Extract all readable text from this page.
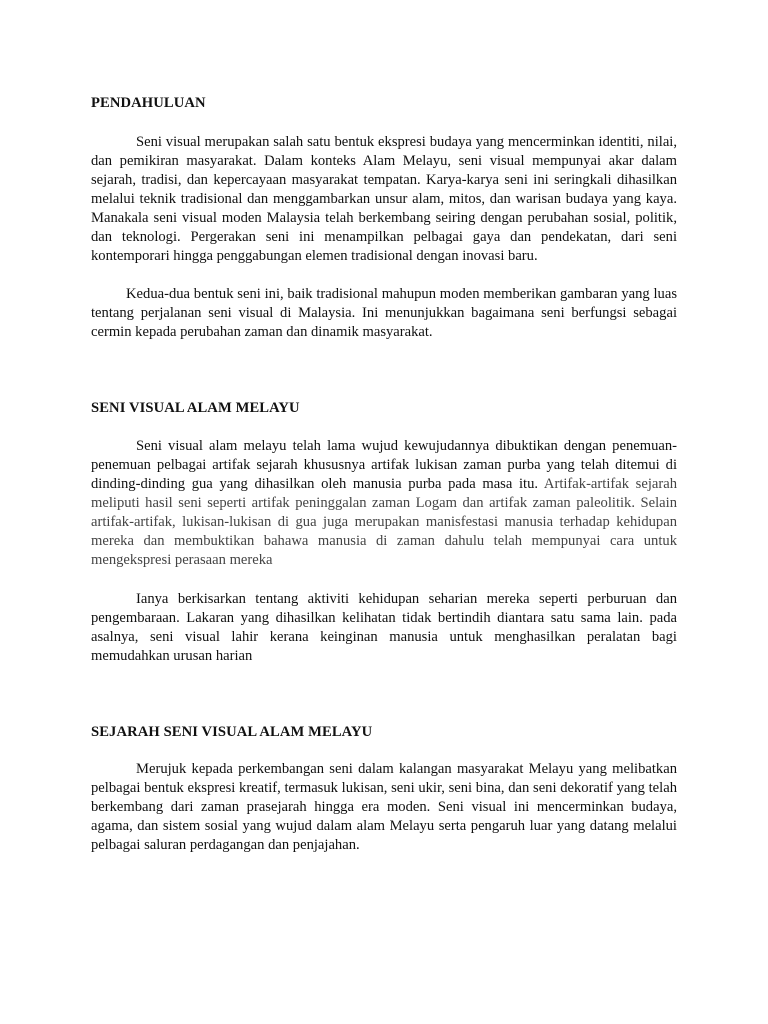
PENDAHULUAN

Seni visual merupakan salah satu bentuk ekspresi budaya yang mencerminkan identiti, nilai, dan pemikiran masyarakat. Dalam konteks Alam Melayu, seni visual mempunyai akar dalam sejarah, tradisi, dan kepercayaan masyarakat tempatan. Karya-karya seni ini seringkali dihasilkan melalui teknik tradisional dan menggambarkan unsur alam, mitos, dan warisan budaya yang kaya. Manakala seni visual moden Malaysia telah berkembang seiring dengan perubahan sosial, politik, dan teknologi. Pergerakan seni ini menampilkan pelbagai gaya dan pendekatan, dari seni kontemporari hingga penggabungan elemen tradisional dengan inovasi baru.

Kedua-dua bentuk seni ini, baik tradisional mahupun moden memberikan gambaran yang luas tentang perjalanan seni visual di Malaysia. Ini menunjukkan bagaimana seni berfungsi sebagai cermin kepada perubahan zaman dan dinamik masyarakat.

SENI VISUAL ALAM MELAYU

Seni visual alam melayu telah lama wujud kewujudannya dibuktikan dengan penemuan-penemuan pelbagai artifak sejarah khususnya artifak lukisan zaman purba yang telah ditemui di dinding-dinding gua yang dihasilkan oleh manusia purba pada masa itu. Artifak-artifak sejarah meliputi hasil seni seperti artifak peninggalan zaman Logam dan artifak zaman paleolitik. Selain artifak-artifak, lukisan-lukisan di gua juga merupakan manisfestasi manusia terhadap kehidupan mereka dan membuktikan bahawa manusia di zaman dahulu telah mempunyai cara untuk mengekspresi perasaan mereka

Ianya berkisarkan tentang aktiviti kehidupan seharian mereka seperti perburuan dan pengembaraan. Lakaran yang dihasilkan kelihatan tidak bertindih diantara satu sama lain. pada asalnya, seni visual lahir kerana keinginan manusia untuk menghasilkan peralatan bagi memudahkan urusan harian

SEJARAH SENI VISUAL ALAM MELAYU

Merujuk kepada perkembangan seni dalam kalangan masyarakat Melayu yang melibatkan pelbagai bentuk ekspresi kreatif, termasuk lukisan, seni ukir, seni bina, dan seni dekoratif yang telah berkembang dari zaman prasejarah hingga era moden. Seni visual ini mencerminkan budaya, agama, dan sistem sosial yang wujud dalam alam Melayu serta pengaruh luar yang datang melalui pelbagai saluran perdagangan dan penjajahan.
